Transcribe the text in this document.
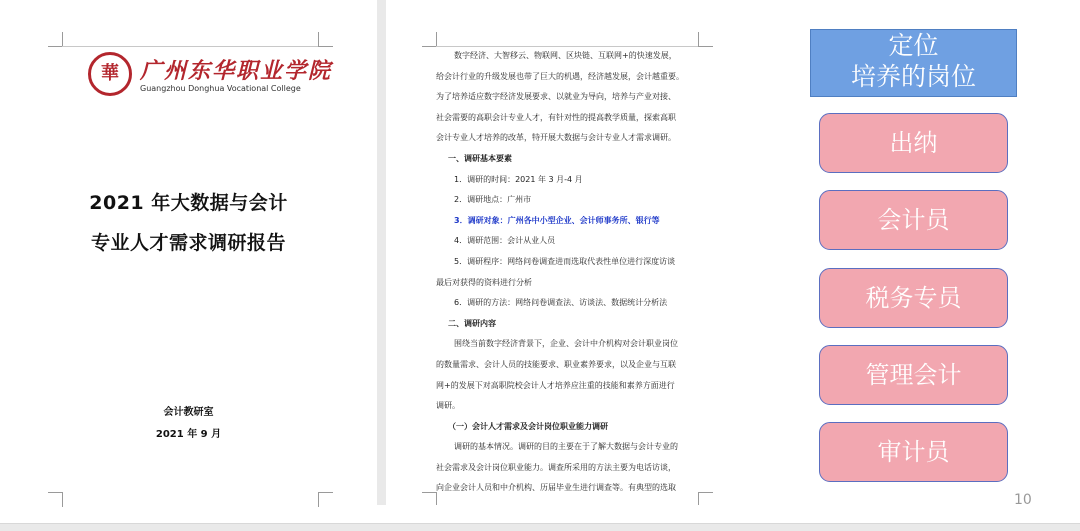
華 广州东华职业学院
Guangzhou Donghua Vocational College
2021 年大数据与会计
专业人才需求调研报告
会计教研室
2021 年 9 月

数字经济、大智移云、物联网、区块链、互联网+的快速发展，

给会计行业的升级发展也带了巨大的机遇，经济越发展，会计越重要。

为了培养适应数字经济发展要求、以就业为导向，培养与产业对接、

社会需要的高职会计专业人才，有针对性的提高教学质量，探索高职

会计专业人才培养的改革，特开展大数据与会计专业人才需求调研。

一、调研基本要素

1．调研的时间：2021 年 3 月-4 月

2．调研地点：广州市

3．调研对象：广州各中小型企业、会计师事务所、银行等

4．调研范围：会计从业人员

5．调研程序：网络问卷调查进而选取代表性单位进行深度访谈

最后对获得的资料进行分析

6．调研的方法：网络问卷调查法、访谈法、数据统计分析法

二、调研内容

围绕当前数字经济背景下，企业、会计中介机构对会计职业岗位

的数量需求、会计人员的技能要求、职业素养要求，以及企业与互联

网+的发展下对高职院校会计人才培养应注重的技能和素养方面进行

调研。

（一）会计人才需求及会计岗位职业能力调研

调研的基本情况。调研的目的主要在于了解大数据与会计专业的

社会需求及会计岗位职业能力。调查所采用的方法主要为电话访谈，

向企业会计人员和中介机构、历届毕业生进行调查等。有典型的选取

定位
培养的岗位
出纳
会计员
税务专员
管理会计
审计员
10
